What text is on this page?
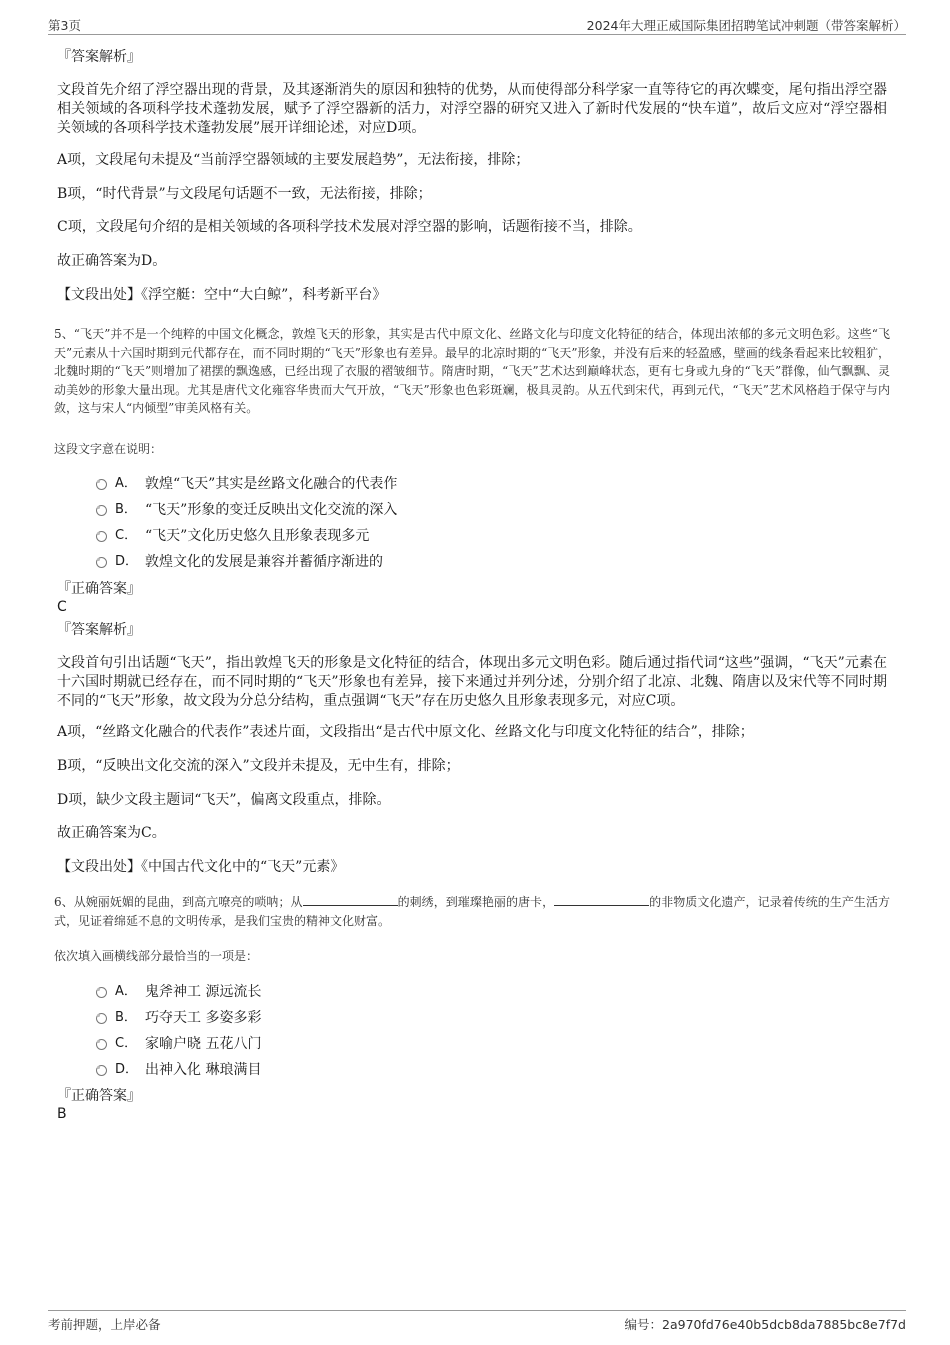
第3页	2024年大理正威国际集团招聘笔试冲刺题（带答案解析）
『答案解析』
文段首先介绍了浮空器出现的背景，及其逐渐消失的原因和独特的优势，从而使得部分科学家一直等待它的再次蝶变，尾句指出浮空器相关领域的各项科学技术蓬勃发展，赋予了浮空器新的活力，对浮空器的研究又进入了新时代发展的“快车道”，故后文应对“浮空器相关领域的各项科学技术蓬勃发展”展开详细论述，对应D项。
A项，文段尾句未提及“当前浮空器领域的主要发展趋势”，无法衔接，排除；
B项，“时代背景”与文段尾句话题不一致，无法衔接，排除；
C项，文段尾句介绍的是相关领域的各项科学技术发展对浮空器的影响，话题衔接不当，排除。
故正确答案为D。
【文段出处】《浮空艇：空中“大白鲸”，科考新平台》
5、“飞天”并不是一个纯粹的中国文化概念，敦煌飞天的形象，其实是古代中原文化、丝路文化与印度文化特征的结合，体现出浓郁的多元文明色彩。这些“飞天”元素从十六国时期到元代都存在，而不同时期的“飞天”形象也有差异。最早的北凉时期的“飞天”形象，并没有后来的轻盈感，壁画的线条看起来比较粗犷，北魏时期的“飞天”则增加了裙摆的飘逸感，已经出现了衣服的褶皱细节。隋唐时期，“飞天”艺术达到巅峰状态，更有七身或九身的“飞天”群像，仙气飘飘、灵动美妙的形象大量出现。尤其是唐代文化雍容华贵而大气开放，“飞天”形象也色彩斑斓，极具灵韵。从五代到宋代，再到元代，“飞天”艺术风格趋于保守与内敛，这与宋人“内倾型”审美风格有关。
这段文字意在说明：
A． 敦煌“飞天”其实是丝路文化融合的代表作
B． “飞天”形象的变迁反映出文化交流的深入
C． “飞天”文化历史悠久且形象表现多元
D． 敦煌文化的发展是兼容并蓄循序渐进的
『正确答案』
C
『答案解析』
文段首句引出话题“飞天”，指出敦煌飞天的形象是文化特征的结合，体现出多元文明色彩。随后通过指代词“这些”强调，“飞天”元素在十六国时期就已经存在，而不同时期的“飞天”形象也有差异，接下来通过并列分述，分别介绍了北凉、北魏、隋唐以及宋代等不同时期不同的“飞天”形象，故文段为分总分结构，重点强调“飞天”存在历史悠久且形象表现多元，对应C项。
A项，“丝路文化融合的代表作”表述片面，文段指出“是古代中原文化、丝路文化与印度文化特征的结合”，排除；
B项，“反映出文化交流的深入”文段并未提及，无中生有，排除；
D项，缺少文段主题词“飞天”，偏离文段重点，排除。
故正确答案为C。
【文段出处】《中国古代文化中的“飞天”元素》
6、从婉丽妩媚的昆曲，到高亢嘹亮的唢呐；从	的刺绣，到璀璨艳丽的唐卡，	的非物质文化遗产，记录着传统的生产生活方式，见证着绵延不息的文明传承，是我们宝贵的精神文化财富。
依次填入画横线部分最恰当的一项是：
A． 鬼斧神工 源远流长
B． 巧夺天工 多姿多彩
C． 家喻户晓 五花八门
D． 出神入化 琳琅满目
『正确答案』
B
考前押题，上岸必备	编号：2a970fd76e40b5dcb8da7885bc8e7f7d
